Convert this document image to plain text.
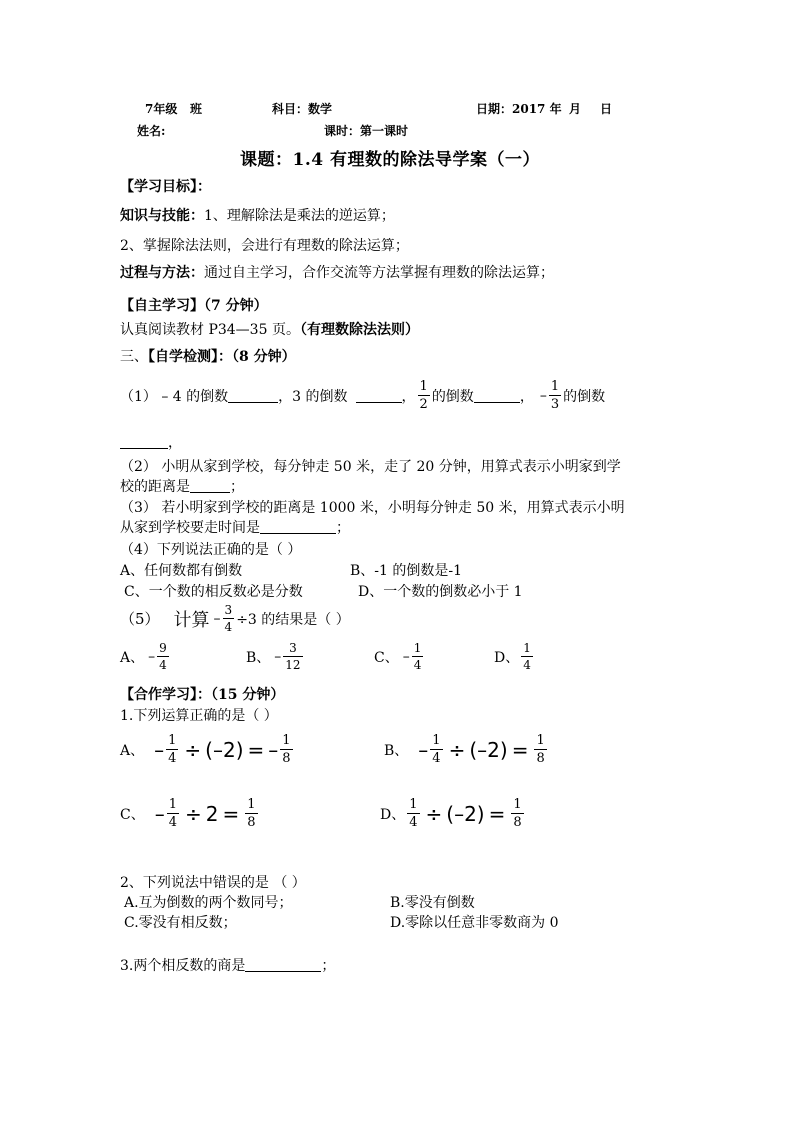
7年级 班	科目：数学	日期：2017 年 月 日
姓名:	课时：第一课时
课题：1.4 有理数的除法导学案（一）
【学习目标】：
知识与技能：1、理解除法是乘法的逆运算；
2、掌握除法法则，会进行有理数的除法运算；
过程与方法：通过自主学习，合作交流等方法掌握有理数的除法运算；
【自主学习】（7 分钟）
认真阅读教材 P34—35 页。（有理数除法法则）
三、【自学检测】：（8 分钟）
（1） – 4 的倒数	，3 的倒数	， $\frac{1}{2}$ 的倒数	， – $\frac{1}{3}$ 的倒数
，
（2） 小明从家到学校，每分钟走 50 米，走了 20 分钟，用算式表示小明家到学
校的距离是	；
（3） 若小明家到学校的距离是 1000 米，小明每分钟走 50 米，用算式表示小明
从家到学校要走时间是	；
（4）下列说法正确的是（ ）
A、任何数都有倒数	B、-1 的倒数是-1
C、一个数的相反数必是分数	D、一个数的倒数必小于 1
（5） 计算 – $\frac{3}{4} \div 3$ 的结果是（ ）
A、 – $\frac{9}{4}$	B、 – $\frac{3}{12}$	C、 – $\frac{1}{4}$	D、 $\frac{1}{4}$
【合作学习】：（15 分钟）
1.下列运算正确的是（ ）
A、 – $\frac{1}{4} \div (-2)$ = – $\frac{1}{8}$	B、 – $\frac{1}{4} \div (-2) = \frac{1}{8}$
C、 – $\frac{1}{4} \div 2 = \frac{1}{8}$	D、 $\frac{1}{4} \div (-2) = \frac{1}{8}$
2、下列说法中错误的是 （ ）
A.互为倒数的两个数同号；	B.零没有倒数
C.零没有相反数；	D.零除以任意非零数商为 0
3.两个相反数的商是	；
